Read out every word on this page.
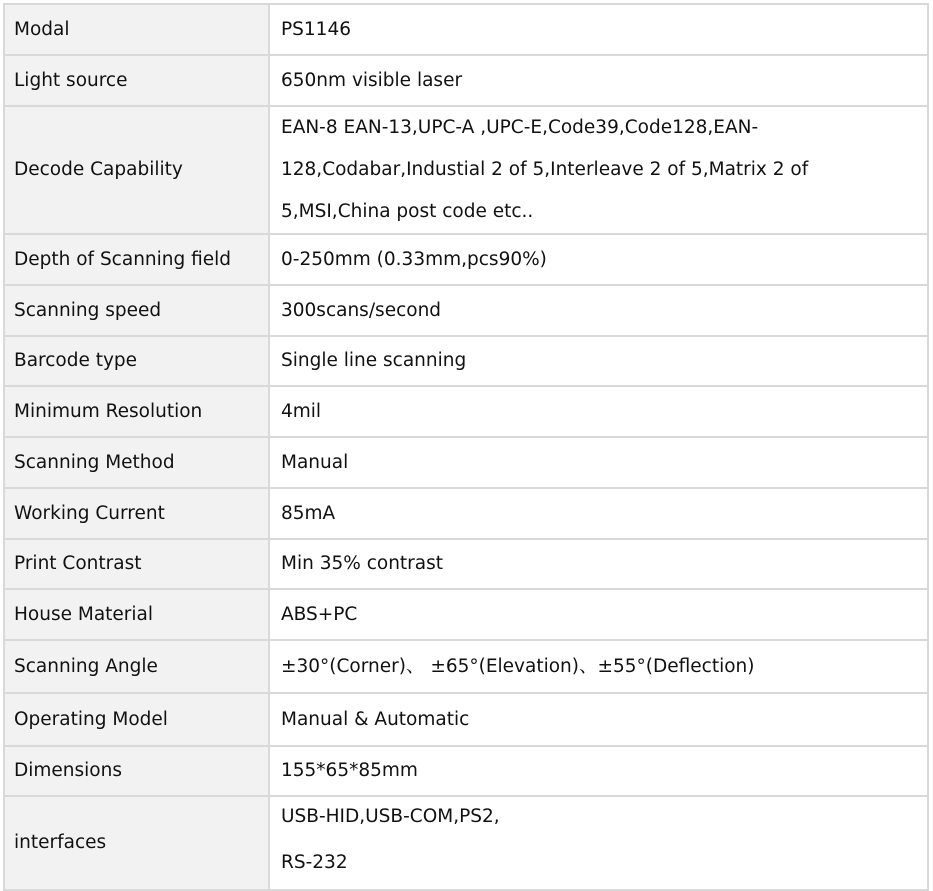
Modal	PS1146
Light source	650nm visible laser
Decode Capability	EAN-8 EAN-13,UPC-A ,UPC-E,Code39,Code128,EAN-
128,Codabar,Industial 2 of 5,Interleave 2 of 5,Matrix 2 of
5,MSI,China post code etc..

Depth of Scanning field	0-250mm (0.33mm,pcs90%)
Scanning speed	300scans/second
Barcode type	Single line scanning
Minimum Resolution	4mil
Scanning Method	Manual
Working Current	85mA
Print Contrast	Min 35% contrast
House Material	ABS+PC
Scanning Angle	±30°(Corner)、 ±65°(Elevation)、±55°(Deflection)
Operating Model	Manual & Automatic
Dimensions	155*65*85mm
interfaces	USB-HID,USB-COM,PS2,
RS-232
